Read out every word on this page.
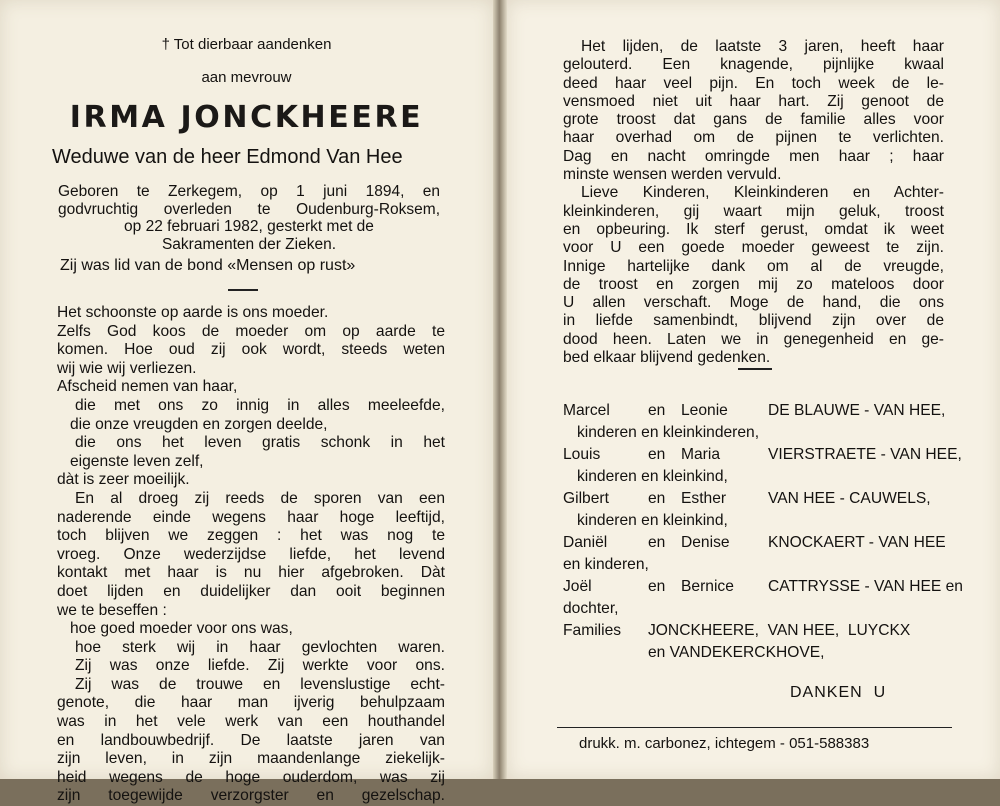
† Tot dierbaar aandenken
aan mevrouw
IRMA JONCKHEERE
Weduwe van de heer Edmond Van Hee
Geboren te Zerkegem, op 1 juni 1894, en
godvruchtig overleden te Oudenburg-Roksem,
op 22 februari 1982, gesterkt met de
Sakramenten der Zieken.
Zij was lid van de bond «Mensen op rust»
Het schoonste op aarde is ons moeder.
Zelfs God koos de moeder om op aarde te
komen. Hoe oud zij ook wordt, steeds weten
wij wie wij verliezen.
Afscheid nemen van haar,
die met ons zo innig in alles meeleefde,
die onze vreugden en zorgen deelde,
die ons het leven gratis schonk in het
eigenste leven zelf,
dàt is zeer moeilijk.
En al droeg zij reeds de sporen van een
naderende einde wegens haar hoge leeftijd,
toch blijven we zeggen : het was nog te
vroeg. Onze wederzijdse liefde, het levend
kontakt met haar is nu hier afgebroken. Dàt
doet lijden en duidelijker dan ooit beginnen
we te beseffen :
hoe goed moeder voor ons was,
hoe sterk wij in haar gevlochten waren.
Zij was onze liefde. Zij werkte voor ons.
Zij was de trouwe en levenslustige echt-
genote, die haar man ijverig behulpzaam
was in het vele werk van een houthandel
en landbouwbedrijf. De laatste jaren van
zijn leven, in zijn maandenlange ziekelijk-
heid wegens de hoge ouderdom, was zij
zijn toegewijde verzorgster en gezelschap.
Het lijden, de laatste 3 jaren, heeft haar
gelouterd. Een knagende, pijnlijke kwaal
deed haar veel pijn. En toch week de le-
vensmoed niet uit haar hart. Zij genoot de
grote troost dat gans de familie alles voor
haar overhad om de pijnen te verlichten.
Dag en nacht omringde men haar ; haar
minste wensen werden vervuld.
Lieve Kinderen, Kleinkinderen en Achter-
kleinkinderen, gij waart mijn geluk, troost
en opbeuring. Ik sterf gerust, omdat ik weet
voor U een goede moeder geweest te zijn.
Innige hartelijke dank om al de vreugde,
de troost en zorgen mij zo mateloos door
U allen verschaft. Moge de hand, die ons
in liefde samenbindt, blijvend zijn over de
dood heen. Laten we in genegenheid en ge-
bed elkaar blijvend gedenken.
Marcel en Leonie	DE BLAUWE - VAN HEE,
kinderen en kleinkinderen,
Louis	en Maria	VIERSTRAETE - VAN HEE,
kinderen en kleinkind,
Gilbert	en Esther	VAN HEE - CAUWELS,
kinderen en kleinkind,
Daniël	en Denise KNOCKAERT - VAN HEE
en kinderen,
Joël	en Bernice CATTRYSSE - VAN HEE en
dochter,
Families JONCKHEERE,  VAN HEE,  LUYCKX
en VANDEKERCKHOVE,
DANKEN  U
drukk. m. carbonez, ichtegem - 051-588383
